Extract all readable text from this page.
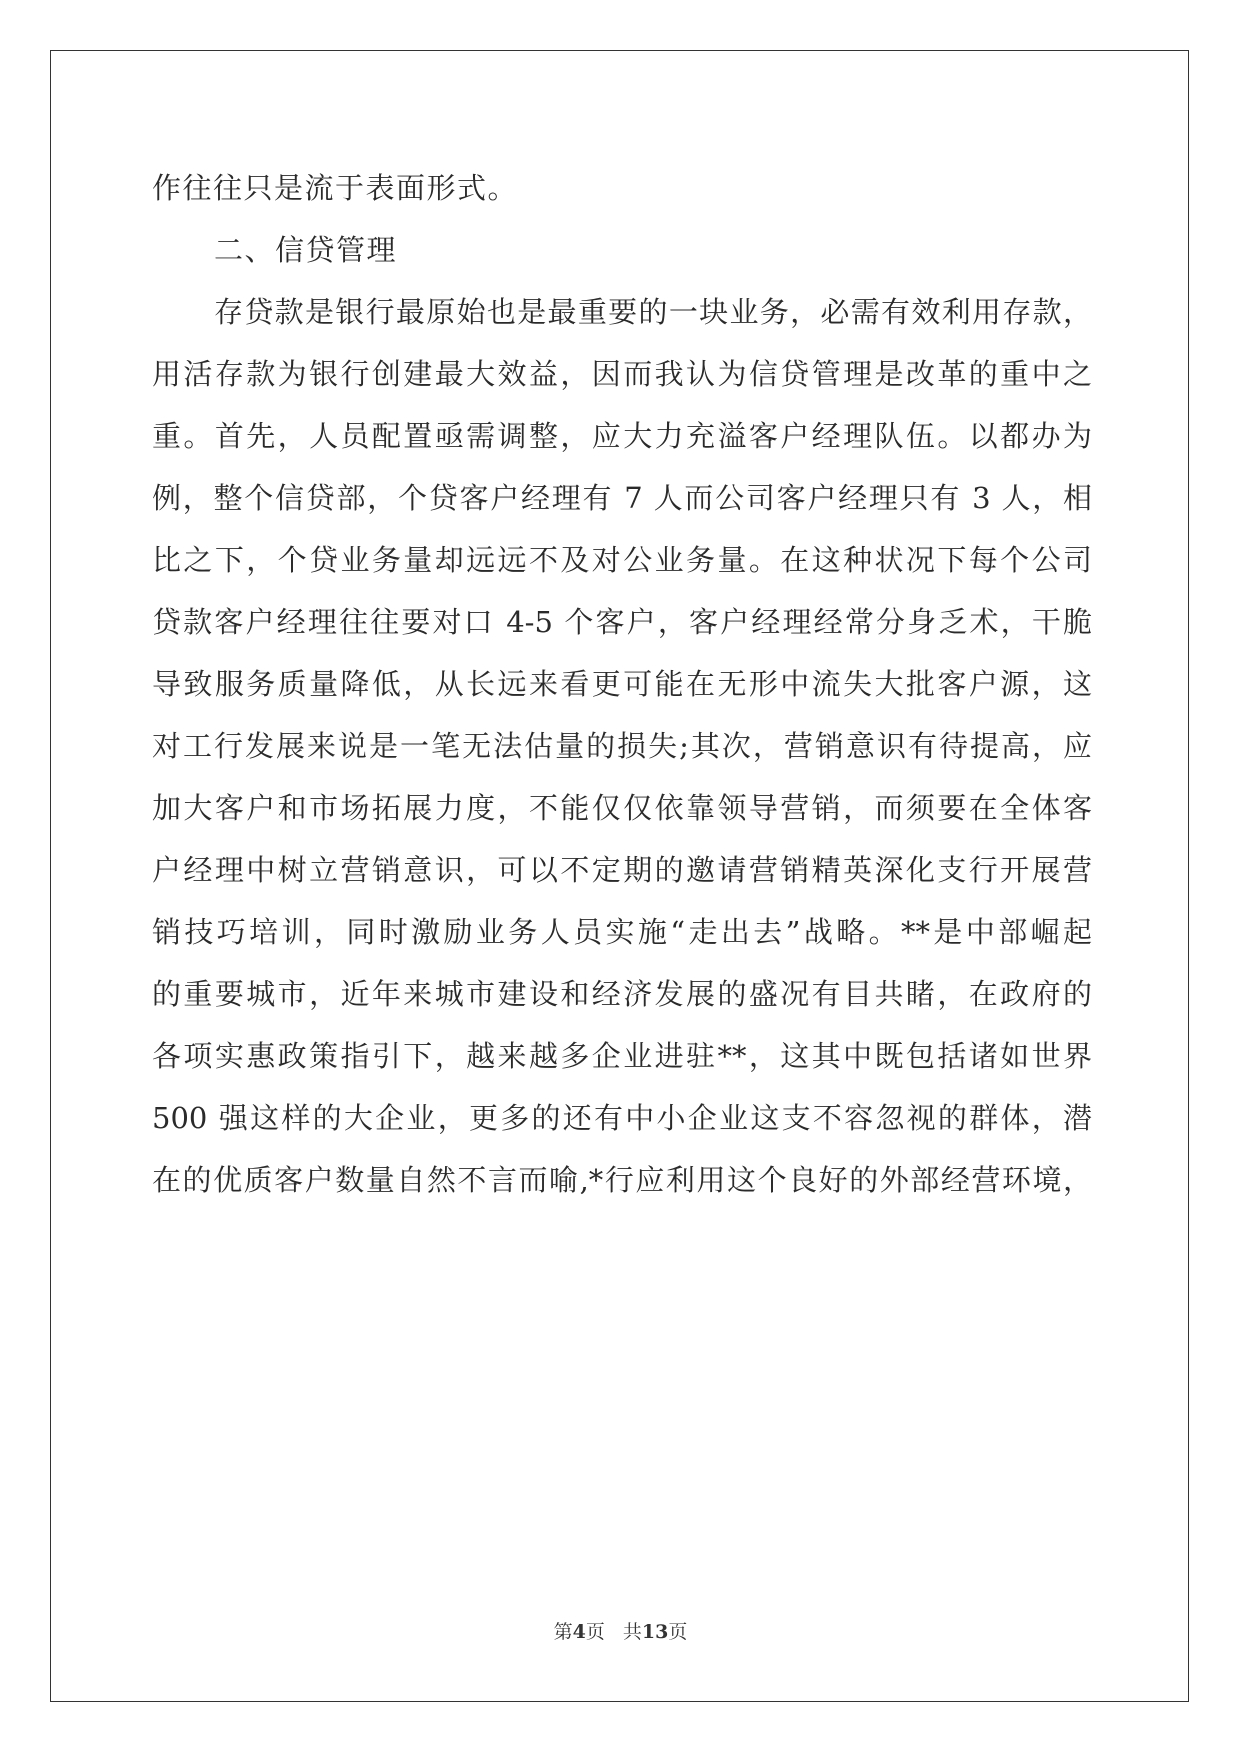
作往往只是流于表面形式。
二、信贷管理
存贷款是银行最原始也是最重要的一块业务，必需有效利用存款，
用活存款为银行创建最大效益，因而我认为信贷管理是改革的重中之
重。首先，人员配置亟需调整，应大力充溢客户经理队伍。以都办为
例，整个信贷部，个贷客户经理有 7 人而公司客户经理只有 3 人，相
比之下，个贷业务量却远远不及对公业务量。在这种状况下每个公司
贷款客户经理往往要对口 4-5 个客户，客户经理经常分身乏术，干脆
导致服务质量降低，从长远来看更可能在无形中流失大批客户源，这
对工行发展来说是一笔无法估量的损失;其次，营销意识有待提高，应
加大客户和市场拓展力度，不能仅仅依靠领导营销，而须要在全体客
户经理中树立营销意识，可以不定期的邀请营销精英深化支行开展营
销技巧培训，同时激励业务人员实施“走出去”战略。**是中部崛起
的重要城市，近年来城市建设和经济发展的盛况有目共睹，在政府的
各项实惠政策指引下，越来越多企业进驻**，这其中既包括诸如世界
500 强这样的大企业，更多的还有中小企业这支不容忽视的群体，潜
在的优质客户数量自然不言而喻,*行应利用这个良好的外部经营环境，
第4页 共13页
